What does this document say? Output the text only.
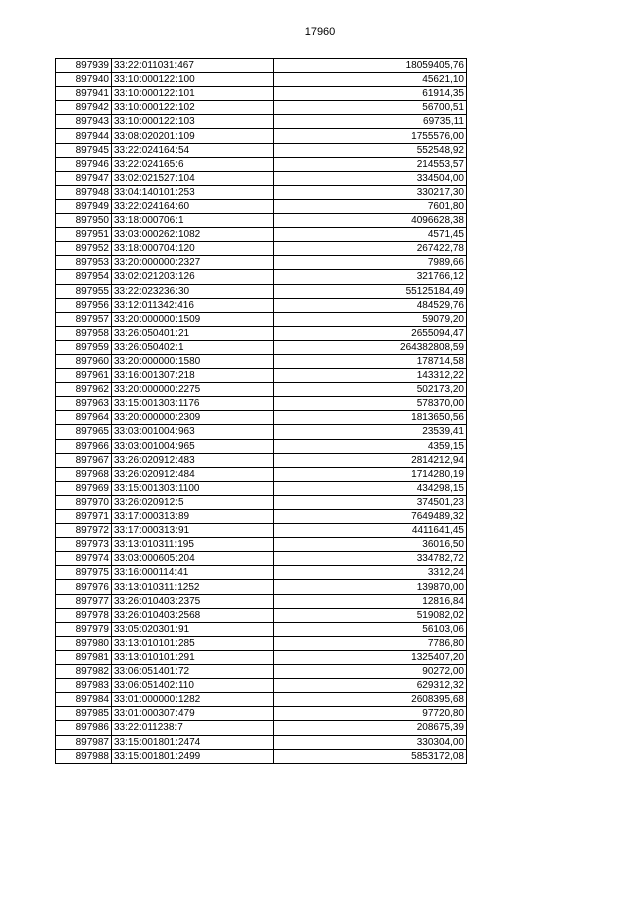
17960
897939	33:22:011031:467	18059405,76
897940	33:10:000122:100	45621,10
897941	33:10:000122:101	61914,35
897942	33:10:000122:102	56700,51
897943	33:10:000122:103	69735,11
897944	33:08:020201:109	1755576,00
897945	33:22:024164:54	552548,92
897946	33:22:024165:6	214553,57
897947	33:02:021527:104	334504,00
897948	33:04:140101:253	330217,30
897949	33:22:024164:60	7601,80
897950	33:18:000706:1	4096628,38
897951	33:03:000262:1082	4571,45
897952	33:18:000704:120	267422,78
897953	33:20:000000:2327	7989,66
897954	33:02:021203:126	321766,12
897955	33:22:023236:30	55125184,49
897956	33:12:011342:416	484529,76
897957	33:20:000000:1509	59079,20
897958	33:26:050401:21	2655094,47
897959	33:26:050402:1	264382808,59
897960	33:20:000000:1580	178714,58
897961	33:16:001307:218	143312,22
897962	33:20:000000:2275	502173,20
897963	33:15:001303:1176	578370,00
897964	33:20:000000:2309	1813650,56
897965	33:03:001004:963	23539,41
897966	33:03:001004:965	4359,15
897967	33:26:020912:483	2814212,94
897968	33:26:020912:484	1714280,19
897969	33:15:001303:1100	434298,15
897970	33:26:020912:5	374501,23
897971	33:17:000313:89	7649489,32
897972	33:17:000313:91	4411641,45
897973	33:13:010311:195	36016,50
897974	33:03:000605:204	334782,72
897975	33:16:000114:41	3312,24
897976	33:13:010311:1252	139870,00
897977	33:26:010403:2375	12816,84
897978	33:26:010403:2568	519082,02
897979	33:05:020301:91	56103,06
897980	33:13:010101:285	7786,80
897981	33:13:010101:291	1325407,20
897982	33:06:051401:72	90272,00
897983	33:06:051402:110	629312,32
897984	33:01:000000:1282	2608395,68
897985	33:01:000307:479	97720,80
897986	33:22:011238:7	208675,39
897987	33:15:001801:2474	330304,00
897988	33:15:001801:2499	5853172,08
